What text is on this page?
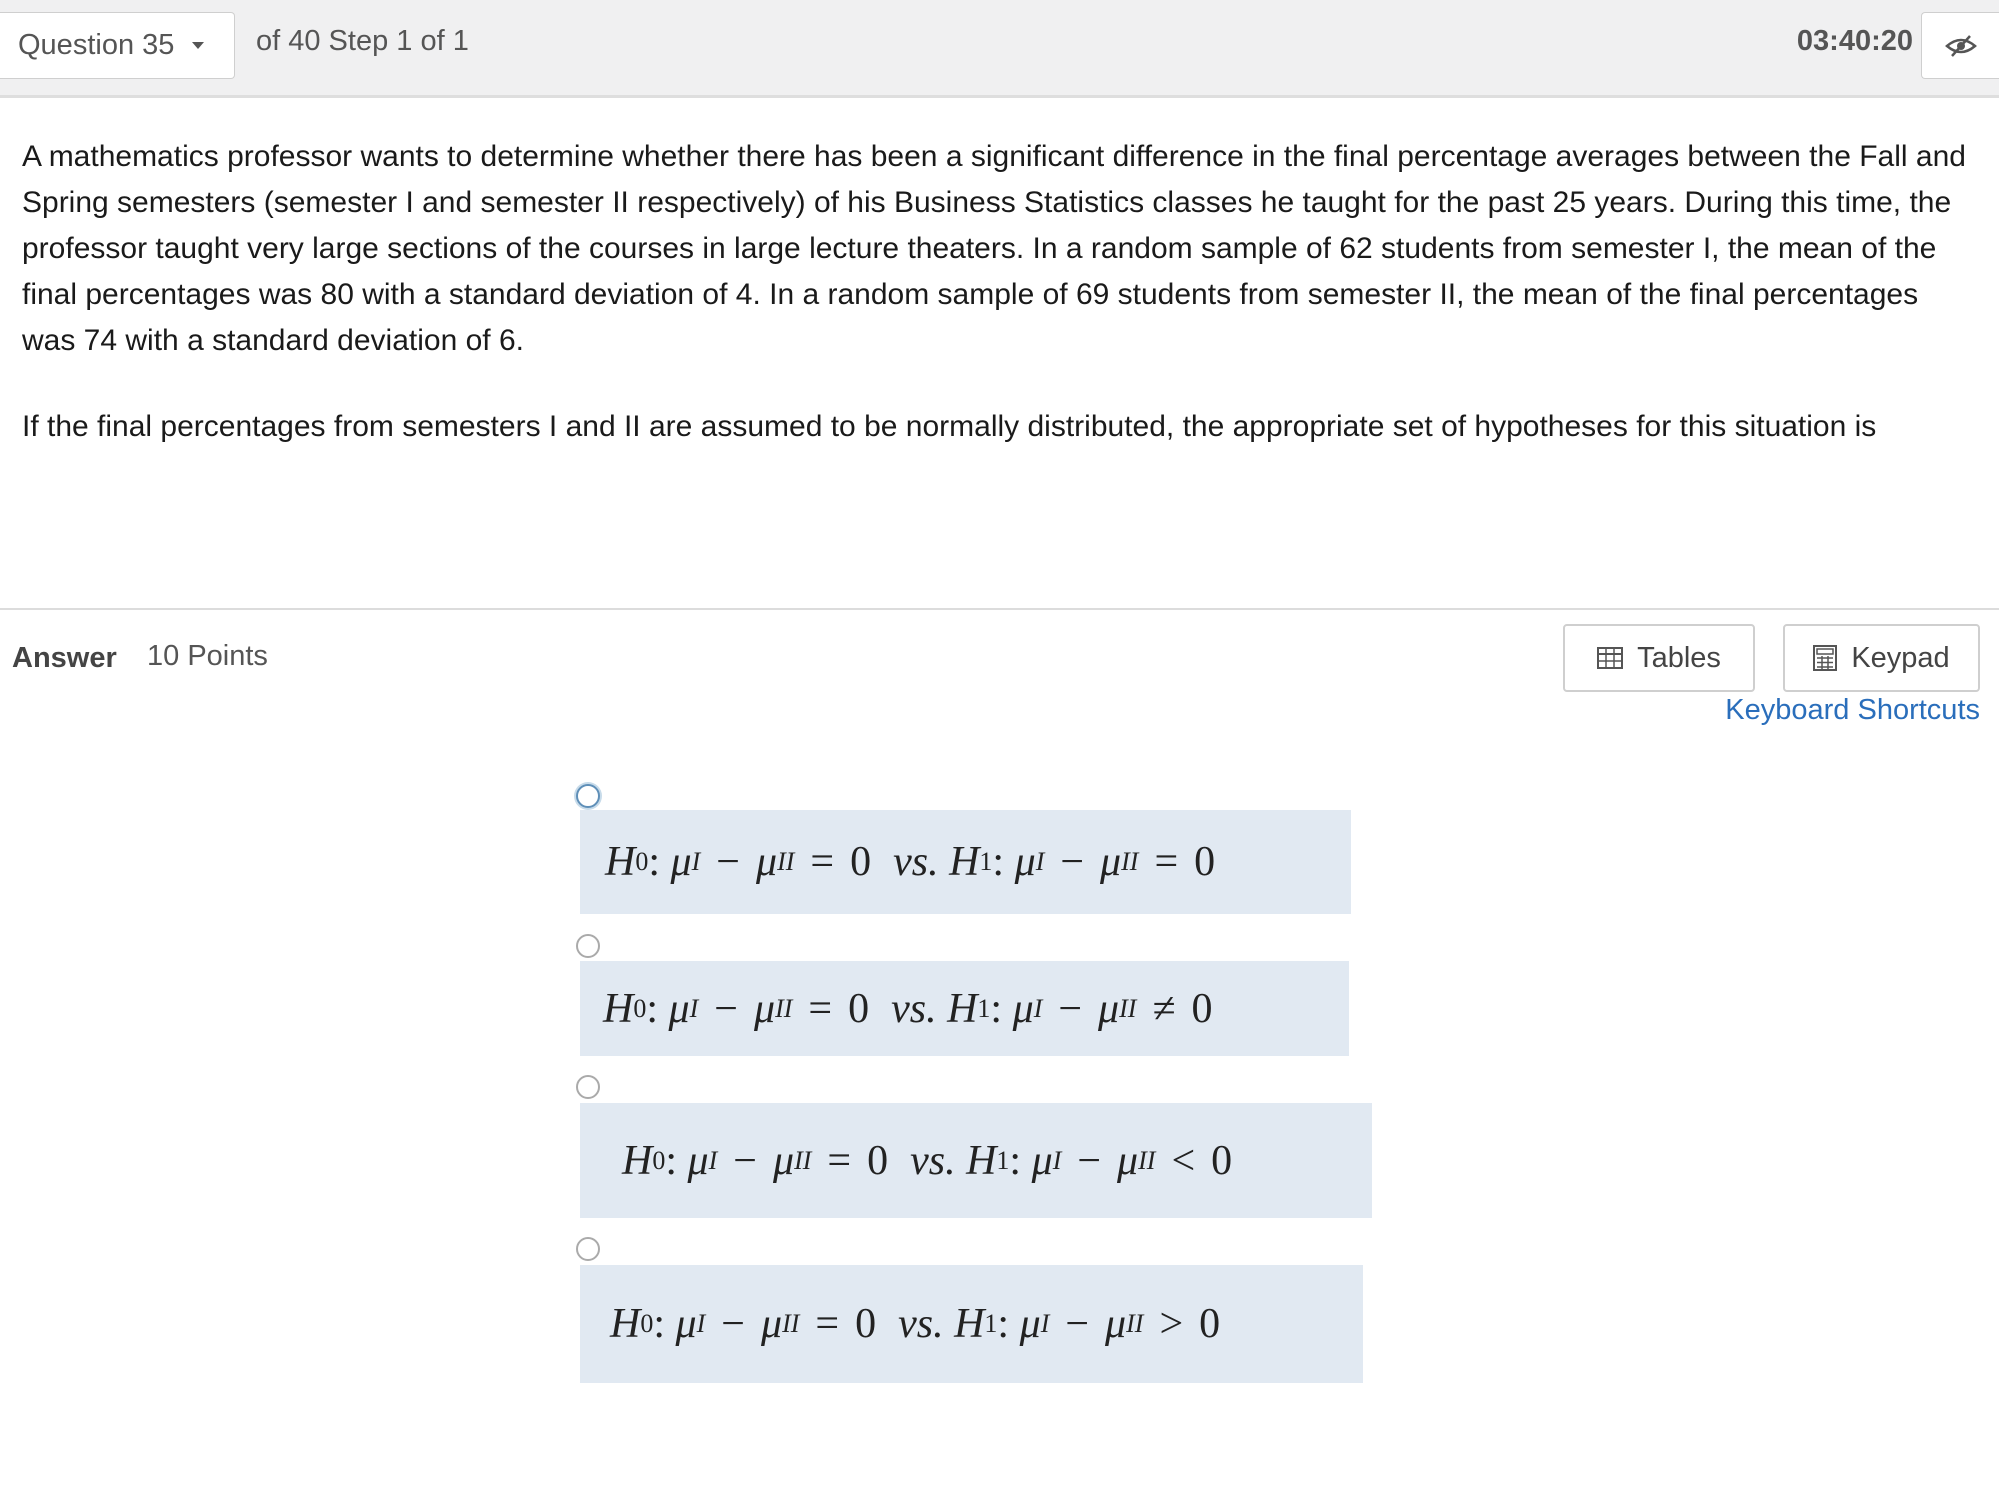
Question 35	of 40 Step 1 of 1	03:40:20

A mathematics professor wants to determine whether there has been a significant difference in the final percentage averages between the Fall and Spring semesters (semester I and semester II respectively) of his Business Statistics classes he taught for the past 25 years. During this time, the professor taught very large sections of the courses in large lecture theaters. In a random sample of 62 students from semester I, the mean of the final percentages was 80 with a standard deviation of 4. In a random sample of 69 students from semester II, the mean of the final percentages was 74 with a standard deviation of 6.

If the final percentages from semesters I and II are assumed to be normally distributed, the appropriate set of hypotheses for this situation is

Answer 10 Points	Tables	Keypad
Keyboard Shortcuts
H 0 : μ I − μ II = 0 vs.
H 1 : μ I − μ II = 0
H 0 : μ I − μ II = 0 vs.
H 1 : μ I − μ II ≠ 0
H 0 : μ I − μ II = 0 vs.
H 1 : μ I − μ II < 0
H 0 : μ I − μ II = 0 vs.
H 1 : μ I − μ II > 0
